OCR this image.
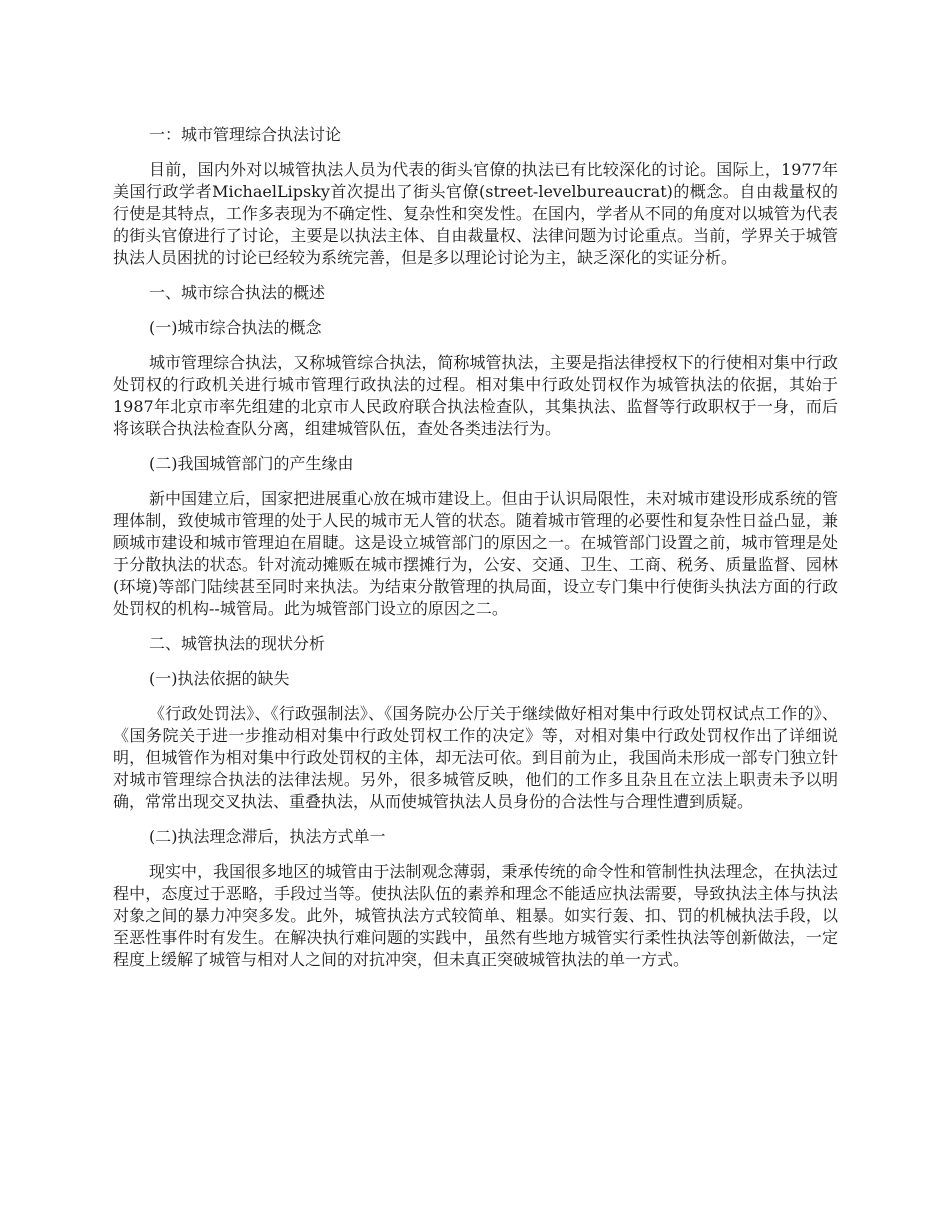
一：城市管理综合执法讨论

目前，国内外对以城管执法人员为代表的街头官僚的执法已有比较深化的讨论。国际上，1977年美国行政学者MichaelLipsky首次提出了街头官僚(street-levelbureaucrat)的概念。自由裁量权的行使是其特点，工作多表现为不确定性、复杂性和突发性。在国内，学者从不同的角度对以城管为代表的街头官僚进行了讨论，主要是以执法主体、自由裁量权、法律问题为讨论重点。当前，学界关于城管执法人员困扰的讨论已经较为系统完善，但是多以理论讨论为主，缺乏深化的实证分析。

一、城市综合执法的概述

(一)城市综合执法的概念

城市管理综合执法，又称城管综合执法，简称城管执法，主要是指法律授权下的行使相对集中行政处罚权的行政机关进行城市管理行政执法的过程。相对集中行政处罚权作为城管执法的依据，其始于1987年北京市率先组建的北京市人民政府联合执法检查队，其集执法、监督等行政职权于一身，而后将该联合执法检查队分离，组建城管队伍，查处各类违法行为。

(二)我国城管部门的产生缘由

新中国建立后，国家把进展重心放在城市建设上。但由于认识局限性，未对城市建设形成系统的管理体制，致使城市管理的处于人民的城市无人管的状态。随着城市管理的必要性和复杂性日益凸显，兼顾城市建设和城市管理迫在眉睫。这是设立城管部门的原因之一。在城管部门设置之前，城市管理是处于分散执法的状态。针对流动摊贩在城市摆摊行为，公安、交通、卫生、工商、税务、质量监督、园林(环境)等部门陆续甚至同时来执法。为结束分散管理的执局面，设立专门集中行使街头执法方面的行政处罚权的机构--城管局。此为城管部门设立的原因之二。

二、城管执法的现状分析

(一)执法依据的缺失

《行政处罚法》、《行政强制法》、《国务院办公厅关于继续做好相对集中行政处罚权试点工作的》、《国务院关于进一步推动相对集中行政处罚权工作的决定》等，对相对集中行政处罚权作出了详细说明，但城管作为相对集中行政处罚权的主体，却无法可依。到目前为止，我国尚未形成一部专门独立针对城市管理综合执法的法律法规。另外，很多城管反映，他们的工作多且杂且在立法上职责未予以明确，常常出现交叉执法、重叠执法，从而使城管执法人员身份的合法性与合理性遭到质疑。

(二)执法理念滞后，执法方式单一

现实中，我国很多地区的城管由于法制观念薄弱，秉承传统的命令性和管制性执法理念，在执法过程中，态度过于恶略，手段过当等。使执法队伍的素养和理念不能适应执法需要，导致执法主体与执法对象之间的暴力冲突多发。此外，城管执法方式较简单、粗暴。如实行轰、扣、罚的机械执法手段，以至恶性事件时有发生。在解决执行难问题的实践中，虽然有些地方城管实行柔性执法等创新做法，一定程度上缓解了城管与相对人之间的对抗冲突，但未真正突破城管执法的单一方式。
